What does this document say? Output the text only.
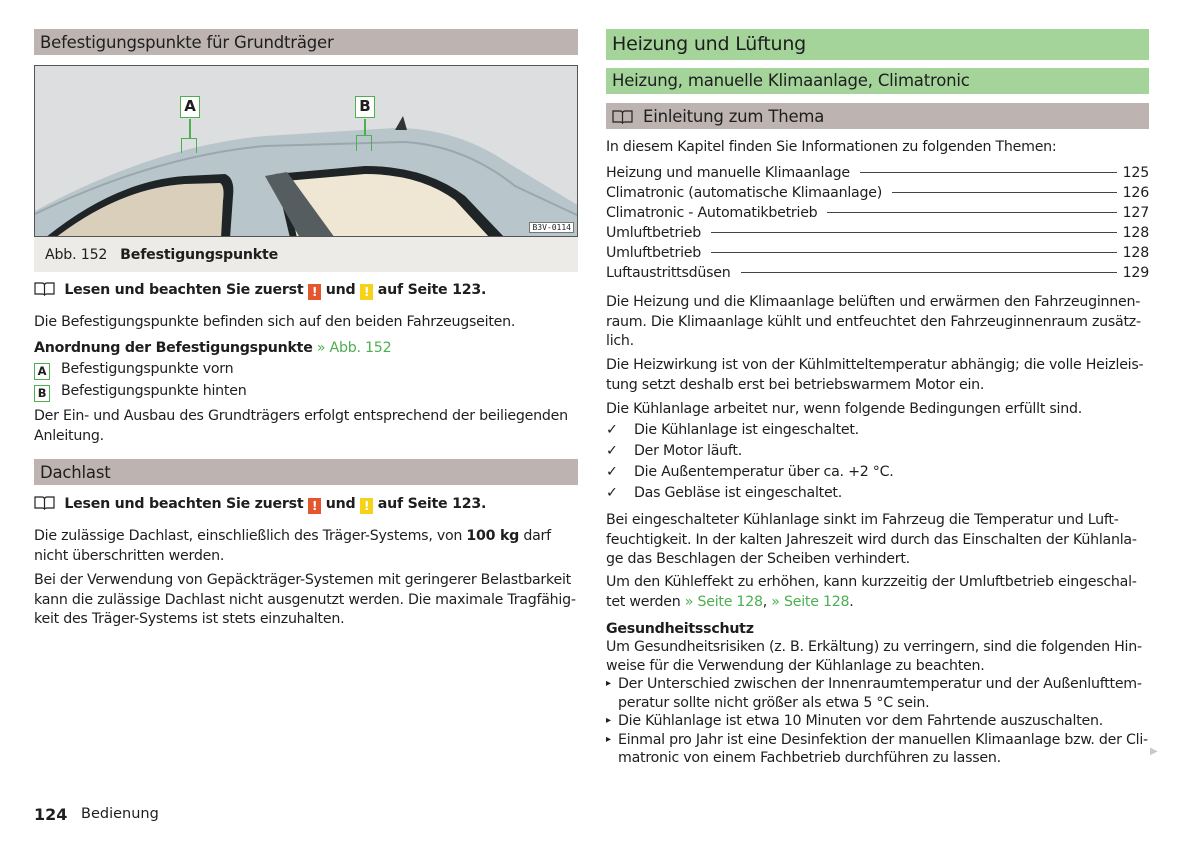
Befestigungspunkte für Grundträger
A	B
B3V-0114
Abb. 152 Befestigungspunkte
Lesen und beachten Sie zuerst ! und ! auf Seite 123.
Die Befestigungspunkte befinden sich auf den beiden Fahrzeugseiten.
Anordnung der Befestigungspunkte » Abb. 152
A Befestigungspunkte vorn
B Befestigungspunkte hinten
Der Ein- und Ausbau des Grundträgers erfolgt entsprechend der beiliegenden
Anleitung.
Dachlast
Lesen und beachten Sie zuerst ! und ! auf Seite 123.
Die zulässige Dachlast, einschließlich des Träger-Systems, von 100 kg darf
nicht überschritten werden.
Bei der Verwendung von Gepäckträger-Systemen mit geringerer Belastbarkeit
kann die zulässige Dachlast nicht ausgenutzt werden. Die maximale Tragfähig-
keit des Träger-Systems ist stets einzuhalten.
Heizung und Lüftung
Heizung, manuelle Klimaanlage, Climatronic
Einleitung zum Thema
In diesem Kapitel finden Sie Informationen zu folgenden Themen:
Heizung und manuelle Klimaanlage	125
Climatronic (automatische Klimaanlage)	126
Climatronic - Automatikbetrieb	127
Umluftbetrieb	128
Umluftbetrieb	128
Luftaustrittsdüsen	129
Die Heizung und die Klimaanlage belüften und erwärmen den Fahrzeuginnen-
raum. Die Klimaanlage kühlt und entfeuchtet den Fahrzeuginnenraum zusätz-
lich.
Die Heizwirkung ist von der Kühlmitteltemperatur abhängig; die volle Heizleis-
tung setzt deshalb erst bei betriebswarmem Motor ein.
Die Kühlanlage arbeitet nur, wenn folgende Bedingungen erfüllt sind.
✓	Die Kühlanlage ist eingeschaltet.
✓	Der Motor läuft.
✓	Die Außentemperatur über ca. +2 °C.
✓	Das Gebläse ist eingeschaltet.
Bei eingeschalteter Kühlanlage sinkt im Fahrzeug die Temperatur und Luft-
feuchtigkeit. In der kalten Jahreszeit wird durch das Einschalten der Kühlanla-
ge das Beschlagen der Scheiben verhindert.
Um den Kühleffekt zu erhöhen, kann kurzzeitig der Umluftbetrieb eingeschal-
tet werden » Seite 128, » Seite 128.
Gesundheitsschutz
Um Gesundheitsrisiken (z. B. Erkältung) zu verringern, sind die folgenden Hin-
weise für die Verwendung der Kühlanlage zu beachten.
▸ Der Unterschied zwischen der Innenraumtemperatur und der Außenlufttem-
peratur sollte nicht größer als etwa 5 °C sein.
▸ Die Kühlanlage ist etwa 10 Minuten vor dem Fahrtende auszuschalten.
▸ Einmal pro Jahr ist eine Desinfektion der manuellen Klimaanlage bzw. der Cli-
matronic von einem Fachbetrieb durchführen zu lassen.	▶
124 Bedienung
